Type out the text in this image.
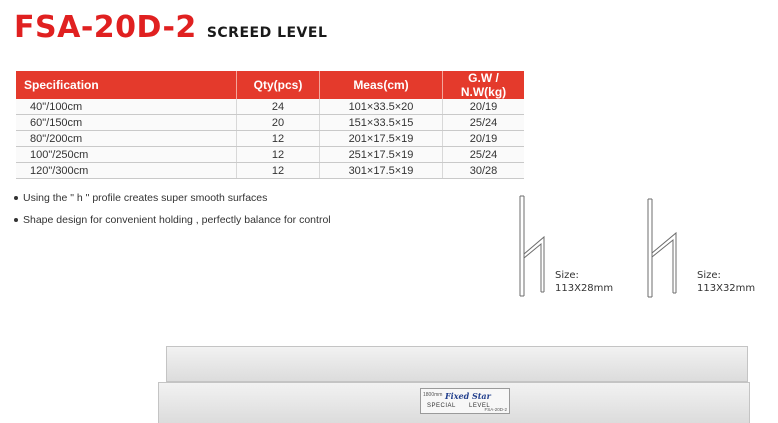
FSA-20D-2 SCREED LEVEL
Specification	Qty(pcs)	Meas(cm)	G.W / N.W(kg)
40"/100cm	24	101×33.5×20	20/19
60"/150cm	20	151×33.5×15	25/24
80"/200cm	12	201×17.5×19	20/19
100"/250cm	12	251×17.5×19	25/24
120"/300cm	12	301×17.5×19	30/28
Using the " h " profile creates super smooth surfaces
Shape design for convenient holding , perfectly balance for control
Size:
113X28mm
Size:
113X32mm
1800mm Fixed Star
SPECIAL LEVEL
FSA-20D-2
